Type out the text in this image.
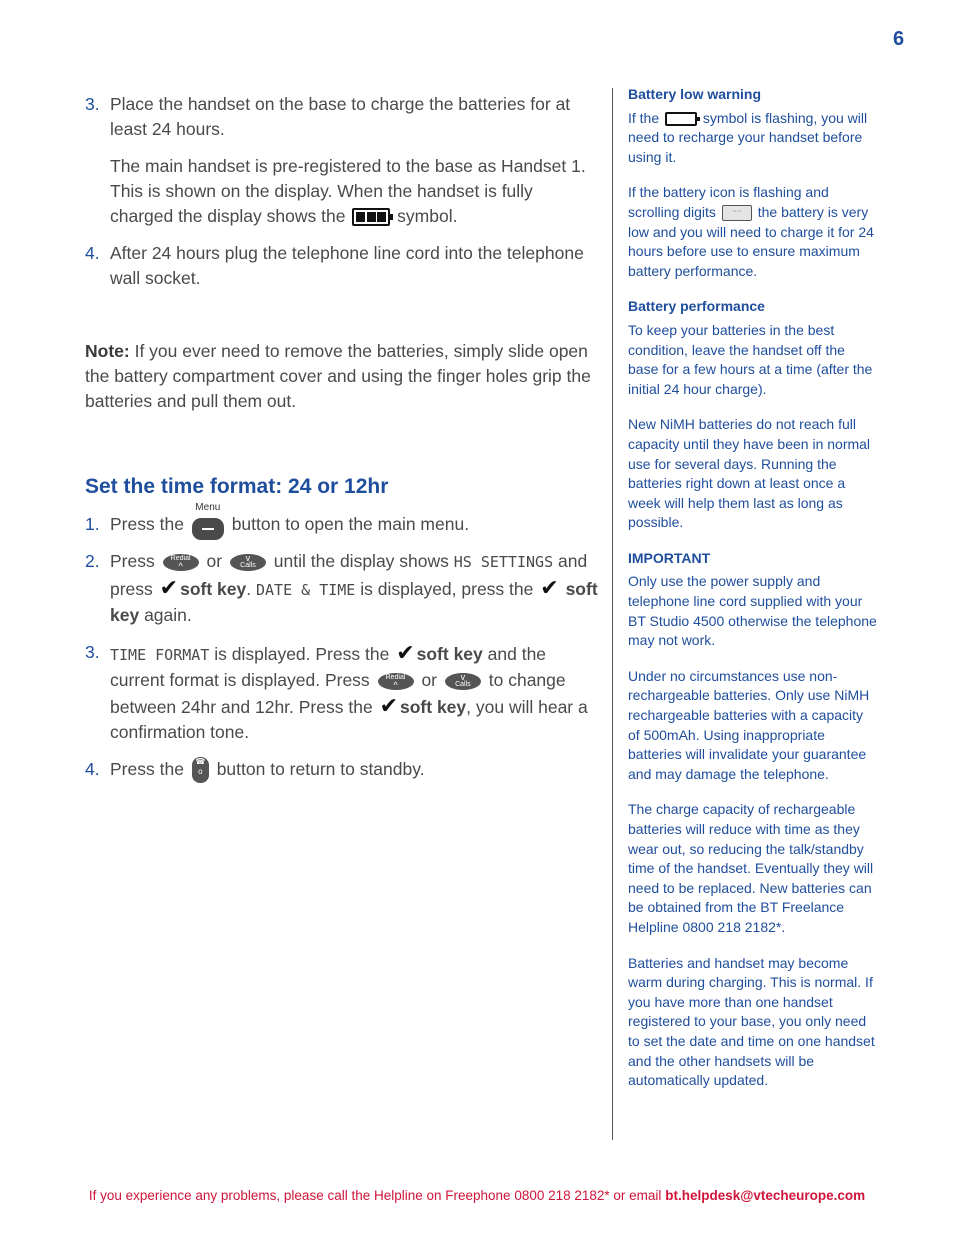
6
3. Place the handset on the base to charge the batteries for at least 24 hours.

The main handset is pre-registered to the base as Handset 1. This is shown on the display. When the handset is fully charged the display shows the	symbol.

4. After 24 hours plug the telephone line cord into the telephone wall socket.

Note: If you ever need to remove the batteries, simply slide open the battery compartment cover and using the finger holes grip the batteries and pull them out.

Set the time format: 24 or 12hr
1. Press the
Menu
button to open the main menu.

2. Press	Redial
^	or	v
Calls	until the display shows HS SETTINGS and press ✔ soft key. DATE & TIME is displayed, press the ✔ soft key again.

3. TIME FORMAT is displayed. Press the ✔ soft key and the current format is displayed. Press	Redial
^	or	v
Calls	to change between 24hr and 12hr. Press the ✔ soft key, you will hear a confirmation tone.

4. Press the	☎
o button to return to standby.

Battery low warning

If the	symbol is flashing, you will need to recharge your handset before using it.

If the battery icon is flashing and scrolling digits ···· the battery is very low and you will need to charge it for 24 hours before use to ensure maximum battery performance.

Battery performance

To keep your batteries in the best condition, leave the handset off the base for a few hours at a time (after the initial 24 hour charge).

New NiMH batteries do not reach full capacity until they have been in normal use for several days. Running the batteries right down at least once a week will help them last as long as possible.

IMPORTANT

Only use the power supply and telephone line cord supplied with your BT Studio 4500 otherwise the telephone may not work.

Under no circumstances use non-rechargeable batteries. Only use NiMH rechargeable batteries with a capacity of 500mAh. Using inappropriate batteries will invalidate your guarantee and may damage the telephone.

The charge capacity of rechargeable batteries will reduce with time as they wear out, so reducing the talk/standby time of the handset. Eventually they will need to be replaced. New batteries can be obtained from the BT Freelance Helpline 0800 218 2182*.

Batteries and handset may become warm during charging. This is normal. If you have more than one handset registered to your base, you only need to set the date and time on one handset and the other handsets will be automatically updated.

If you experience any problems, please call the Helpline on Freephone 0800 218 2182* or email bt.helpdesk@vtecheurope.com
